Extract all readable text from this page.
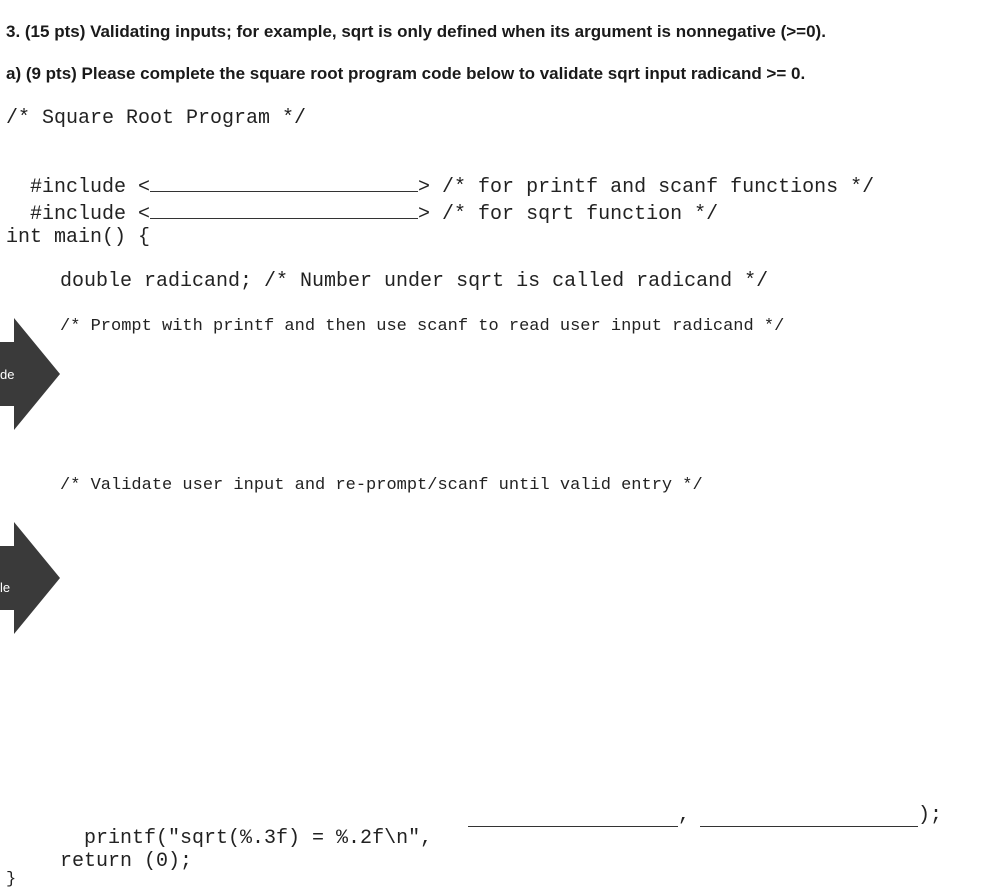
3. (15 pts) Validating inputs; for example, sqrt is only defined when its argument is nonnegative (>=0).
a) (9 pts) Please complete the square root program code below to validate sqrt input radicand >= 0.
/* Square Root Program */

#include <	> /* for printf and scanf functions */

#include <	> /* for sqrt function */

int main() {
double radicand; /* Number under sqrt is called radicand */
/* Prompt with printf and then use scanf to read user input radicand */
de
/* Validate user input and re-prompt/scanf until valid entry */
le

printf("sqrt(%.3f) = %.2f\n",

,	);
return (0);
}
